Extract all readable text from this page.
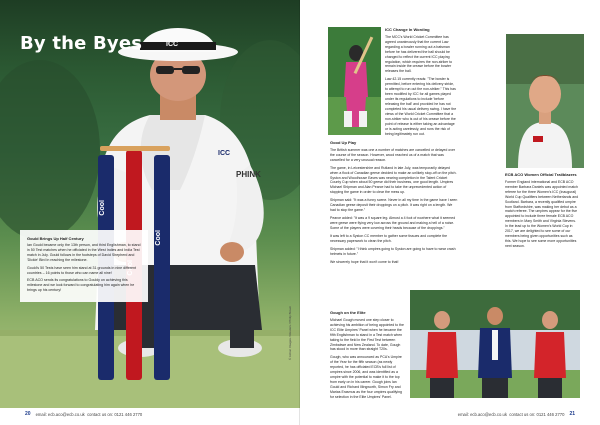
ICC
ICC
PHINK
Cool
Cool
By the Byes
Gould Brings Up Half Century

Ian Gould became only the 13th person, and third Englishman, to stand in 50 Test matches when he officiated in the West Indies and India Test match in July. Gould follows in the footsteps of David Shepherd and 'Dickie' Bird in reaching the milestone.

Gould's 50 Tests have seen him stand at 31 grounds in nine different countries – 16 points to those who can name all nine!

ECB ACO sends its congratulations to Gouldy on achieving this milestone and we look forward to congratulating him again when he brings up his century!

© Action Images / Reuters / Philip Brown
20 email: ecb.aco@ecb.co.uk
contact us on: 0121 446 2770
ICC Change In Wording

The MCC's World Cricket Committee has agreed unanimously that the current Law regarding a bowler running out a batsman before he has delivered the ball should be changed to reflect the current ICC playing regulation, which requires the non-striker to remain inside the crease before the bowler releases the ball.

Law 42.15 currently reads: "The bowler is permitted, before entering his delivery stride, to attempt to run out the non-striker." This has been modified by ICC for all games played under its regulations to include 'before releasing the ball' and provided he has not completed his usual delivery swing. I have the views of the World Cricket Committee that a non-striker who is out of his crease before the point of release is either taking an advantage or is acting carelessly, and runs the risk of being legitimately run out.

Good Up Play

The British summer was one a number of matches are cancelled or delayed over the course of the season. However, wood reached us of a match that was cancelled for a very unusual reason.

The game, in Leicestershire and Rutland in late July, was temporarily delayed when a flock of Canadian geese decided to make an unlikely stop-off on the pitch. Syston and Woodhouse Eaves was nearing completion in the Talent Cricket County Cup when about 50 geese did their business, one good length. Umpires Michael Shipman and Alan Pearce had to take the unprecedented action of stopping the game in order to clear the mess up.

Shipman said: "It was a funny scene. Never in all my time in the game have I seen Canadian geese deposit their droppings on a pitch. It was right on a length. We had to stop the game."

Pearce added: "It was a 9 square leg. Almost a 4 foot of nowhere what it seemed were geese were flying very low across the ground and making a hell of a noise. Some of the players were covering their heads because of the droppings."

It was left to a Syston CC member to gather some tissues and complete the necessary paperwork to clean the pitch.

Shipman added: "I think umpires going to Syston are going to have to wear crash helmets in future."

We sincerely hope that it won't come to that!

Gough on the Elite

Michael Gough moved one step closer to achieving his ambition of being appointed to the ICC Elite Umpires' Panel when he became the fifth Englishman to stand in a Test match when taking to the field in the First Test between Zimbabwe and New Zealand. To date, Gough has stood in more than straight T20s.

Gough, who was announced as PCA's Umpire of the Year for the fifth season (as newly reported, he has officiated ECB's full list of umpires since 2006, and was identified as a umpire with the potential to make it to the top from early on in his career. Gough joins Ian Gould and Richard Illingworth, Simon Fry and Marias Erasmus as the four umpires qualifying for selection in the Elite Umpires' Panel.

ECB ACO Women Official Trailblazers

Former England international and ECB ACO member Barbara Daniels was appointed match referee for the three Women's ICC (Inaugural) World Cup Qualifiers between Netherlands and Scotland. Barbara, a recently qualified umpire from Staffordshire, was making her debut as a match referee. The umpires appear for the five appointed to include three female ECB ACO members in Mary Smith and Virginia Stevens. In the lead up to the Women's World Cup in 2017, we are delighted to see some of our members being given opportunities such as this. We hope to see some more opportunities next season.

email: ecb.aco@ecb.co.uk
contact us on: 0121 446 2770 21
